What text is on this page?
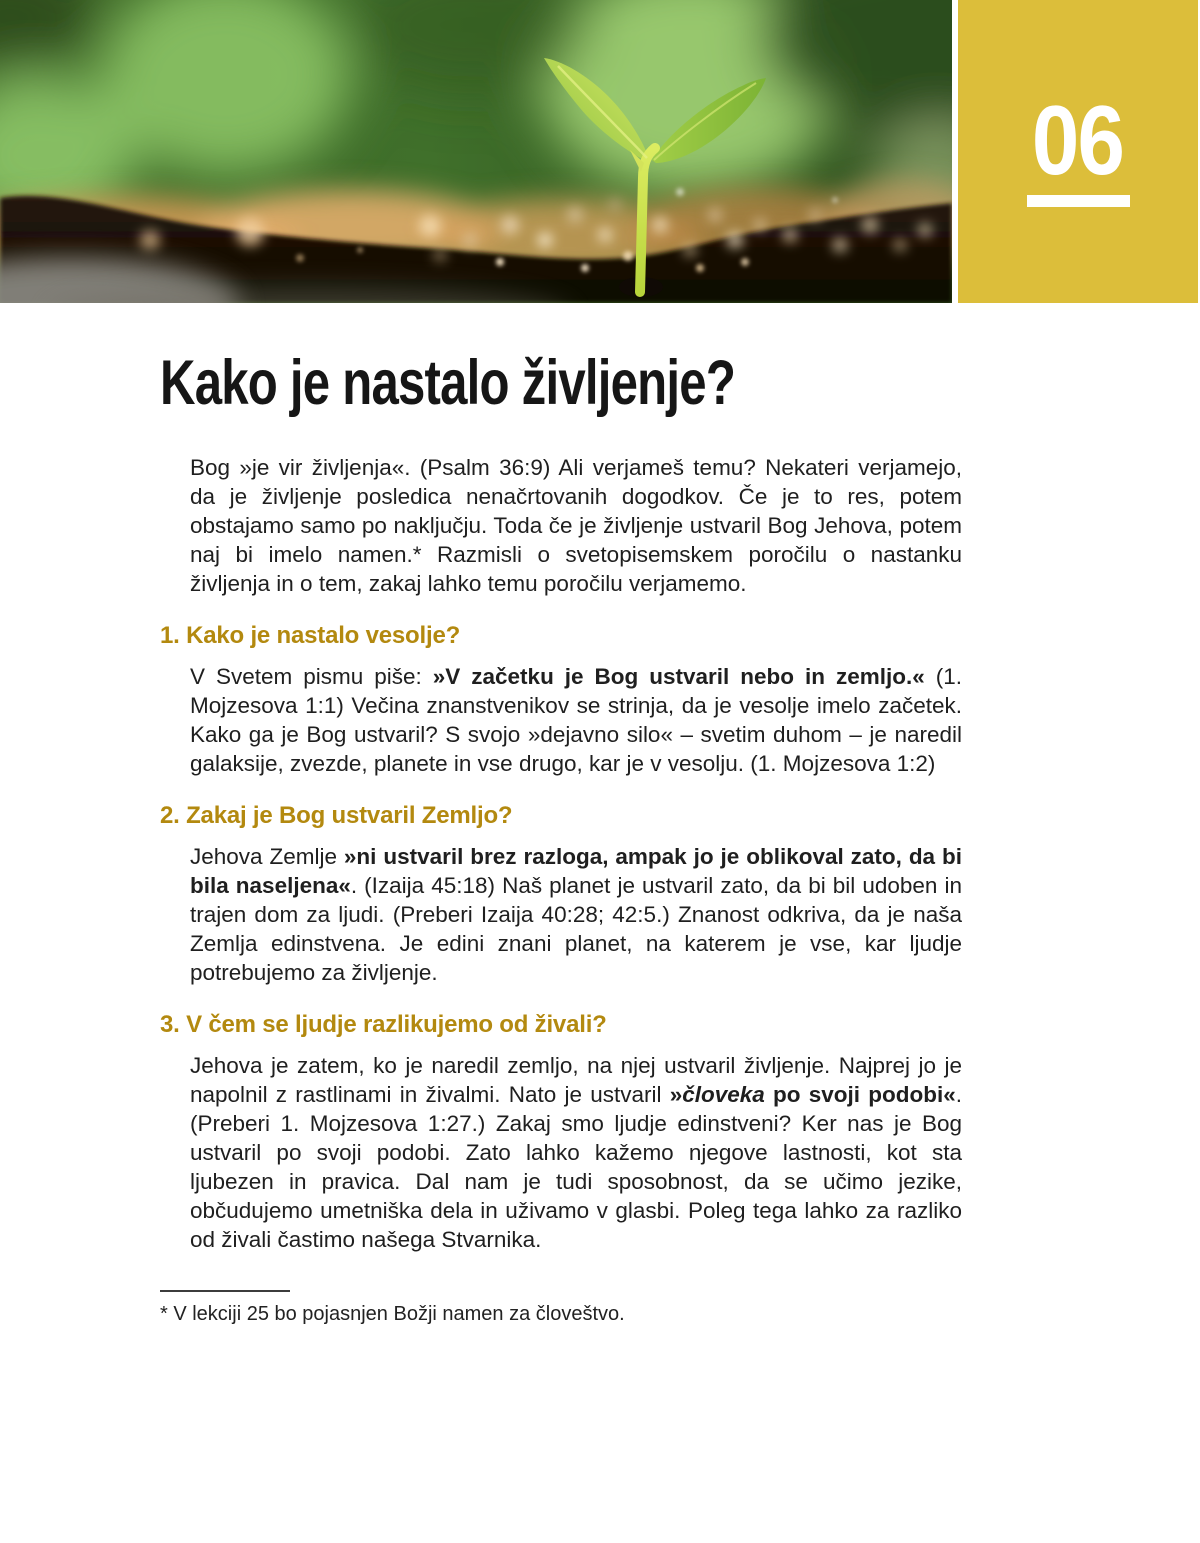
06
Kako je nastalo življenje?

Bog »je vir življenja«. (Psalm 36:9) Ali verjameš temu? Nekateri verjamejo, da je življenje posledica nenačrtovanih dogodkov. Če je to res, potem obstajamo samo po naključju. Toda če je življenje ustvaril Bog Jehova, potem naj bi imelo namen.* Razmisli o svetopisemskem poročilu o nastanku življenja in o tem, zakaj lahko temu poročilu verjamemo.

1. Kako je nastalo vesolje?

V Svetem pismu piše: »V začetku je Bog ustvaril nebo in zemljo.« (1. Mojzesova 1:1) Večina znanstvenikov se strinja, da je vesolje imelo začetek. Kako ga je Bog ustvaril? S svojo »dejavno silo« – svetim duhom – je naredil galaksije, zvezde, planete in vse drugo, kar je v vesolju. (1. Mojzesova 1:2)

2. Zakaj je Bog ustvaril Zemljo?

Jehova Zemlje »ni ustvaril brez razloga, ampak jo je oblikoval zato, da bi bila naseljena«. (Izaija 45:18) Naš planet je ustvaril zato, da bi bil udoben in trajen dom za ljudi. (Preberi Izaija 40:28; 42:5.) Znanost odkriva, da je naša Zemlja edinstvena. Je edini znani planet, na katerem je vse, kar ljudje potrebujemo za življenje.

3. V čem se ljudje razlikujemo od živali?

Jehova je zatem, ko je naredil zemljo, na njej ustvaril življenje. Najprej jo je napolnil z rastlinami in živalmi. Nato je ustvaril »človeka po svoji podobi«. (Preberi 1. Mojzesova 1:27.) Zakaj smo ljudje edinstveni? Ker nas je Bog ustvaril po svoji podobi. Zato lahko kažemo njegove lastnosti, kot sta ljubezen in pravica. Dal nam je tudi sposobnost, da se učimo jezike, občudujemo umetniška dela in uživamo v glasbi. Poleg tega lahko za razliko od živali častimo našega Stvarnika.

* V lekciji 25 bo pojasnjen Božji namen za človeštvo.
